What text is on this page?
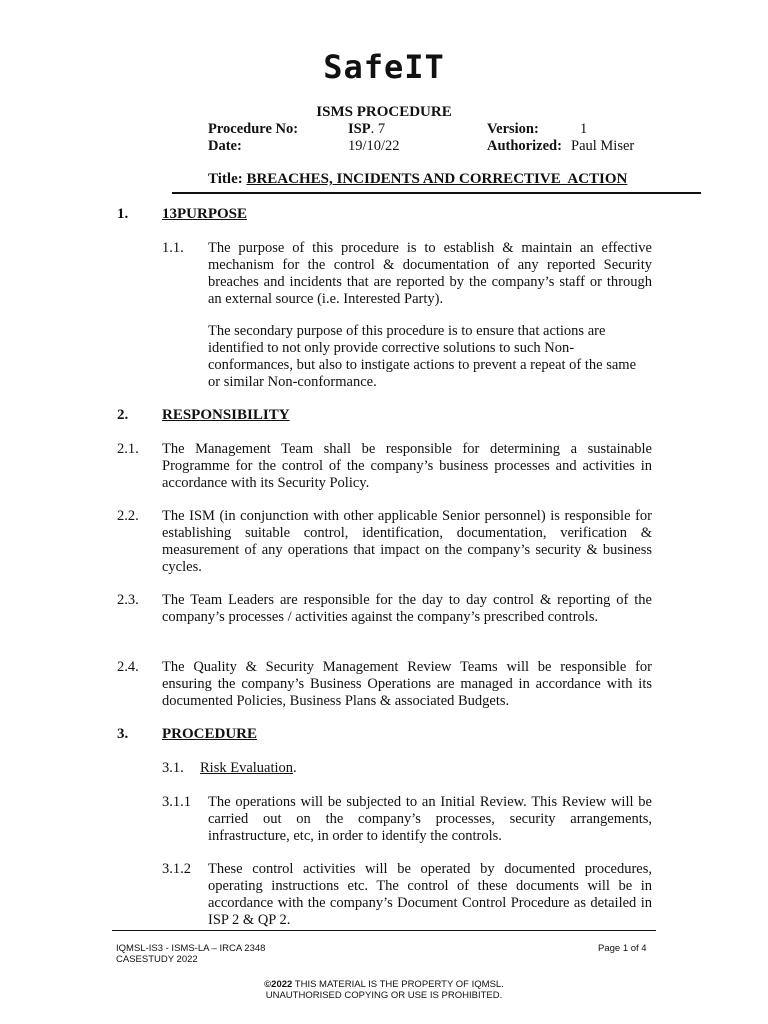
SafeIT
ISMS PROCEDURE
Procedure No:	ISP. 7	Version:	1
Date:	19/10/22	Authorized: Paul Miser
Title: BREACHES, INCIDENTS AND CORRECTIVE  ACTION
1. 13PURPOSE
1.1. The purpose of this procedure is to establish & maintain an effective mechanism for the control & documentation of any reported Security breaches and incidents that are reported by the company’s staff or through an external source (i.e. Interested Party).
The secondary purpose of this procedure is to ensure that actions are identified to not only provide corrective solutions to such Non-conformances, but also to instigate actions to prevent a repeat of the same or similar Non-conformance.
2. RESPONSIBILITY
2.1. The Management Team shall be responsible for determining a sustainable Programme for the control of the company’s business processes and activities in accordance with its Security Policy.
2.2. The ISM (in conjunction with other applicable Senior personnel) is responsible for establishing suitable control, identification, documentation, verification & measurement of any operations that impact on the company’s security & business cycles.
2.3. The Team Leaders are responsible for the day to day control & reporting of the company’s processes / activities against the company’s prescribed controls.
2.4. The Quality & Security Management Review Teams will be responsible for ensuring the company’s Business Operations are managed in accordance with its documented Policies, Business Plans & associated Budgets.
3. PROCEDURE
3.1. Risk Evaluation.
3.1.1 The operations will be subjected to an Initial Review. This Review will be carried out on the company’s processes, security arrangements, infrastructure, etc, in order to identify the controls.
3.1.2 These control activities will be operated by documented procedures, operating instructions etc. The control of these documents will be in accordance with the company’s Document Control Procedure as detailed in ISP 2 & QP 2.
IQMSL-IS3 - ISMS-LA – IRCA 2348
CASESTUDY 2022
Page 1 of 4
©2022 THIS MATERIAL IS THE PROPERTY OF IQMSL.
UNAUTHORISED COPYING OR USE IS PROHIBITED.
